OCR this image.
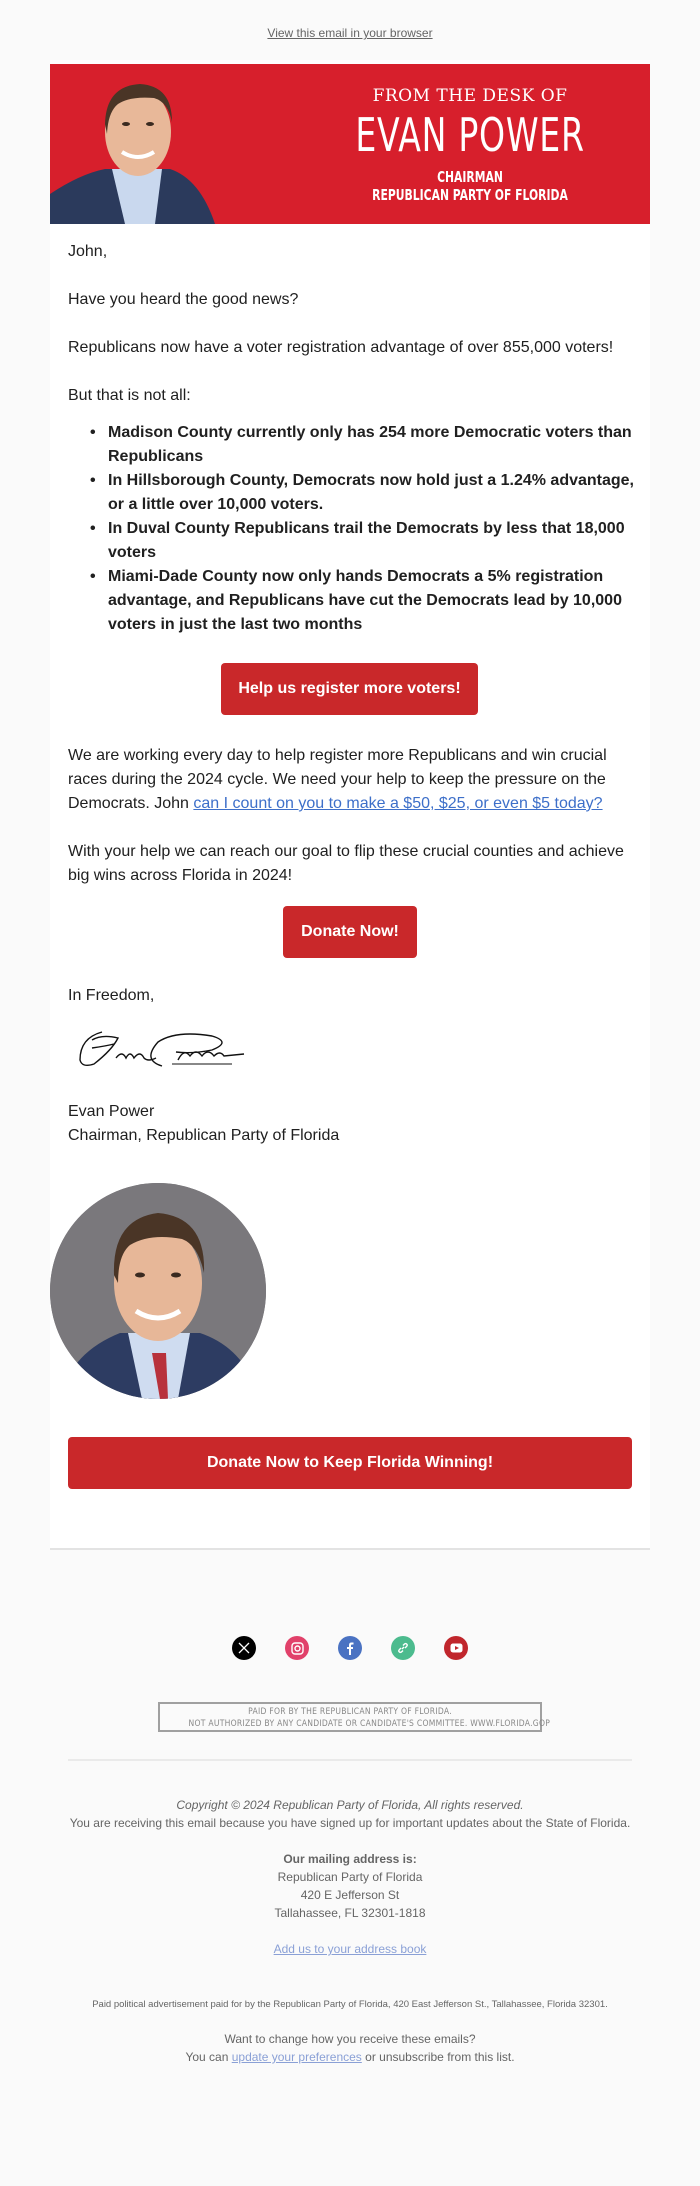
View this email in your browser
FROM THE DESK OF
EVAN POWER
CHAIRMAN
REPUBLICAN PARTY OF FLORIDA

John,

Have you heard the good news?

Republicans now have a voter registration advantage of over 855,000 voters!

But that is not all:

• Madison County currently only has 254 more Democratic voters than Republicans
• In Hillsborough County, Democrats now hold just a 1.24% advantage, or a little over 10,000 voters.
• In Duval County Republicans trail the Democrats by less that 18,000 voters
• Miami-Dade County now only hands Democrats a 5% registration advantage, and Republicans have cut the Democrats lead by 10,000 voters in just the last two months
Help us register more voters!

We are working every day to help register more Republicans and win crucial races during the 2024 cycle. We need your help to keep the pressure on the Democrats. John can I count on you to make a $50, $25, or even $5 today?

With your help we can reach our goal to flip these crucial counties and achieve big wins across Florida in 2024!

Donate Now!

In Freedom,

Evan Power

Chairman, Republican Party of Florida

Donate Now to Keep Florida Winning!
PAID FOR BY THE REPUBLICAN PARTY OF FLORIDA.
NOT AUTHORIZED BY ANY CANDIDATE OR CANDIDATE'S COMMITTEE. WWW.FLORIDA.GOP

Copyright © 2024 Republican Party of Florida, All rights reserved.

You are receiving this email because you have signed up for important updates about the State of Florida.

Our mailing address is:

Republican Party of Florida

420 E Jefferson St

Tallahassee, FL 32301-1818

Add us to your address book

Paid political advertisement paid for by the Republican Party of Florida, 420 East Jefferson St., Tallahassee, Florida 32301.

Want to change how you receive these emails?

You can update your preferences or unsubscribe from this list.
